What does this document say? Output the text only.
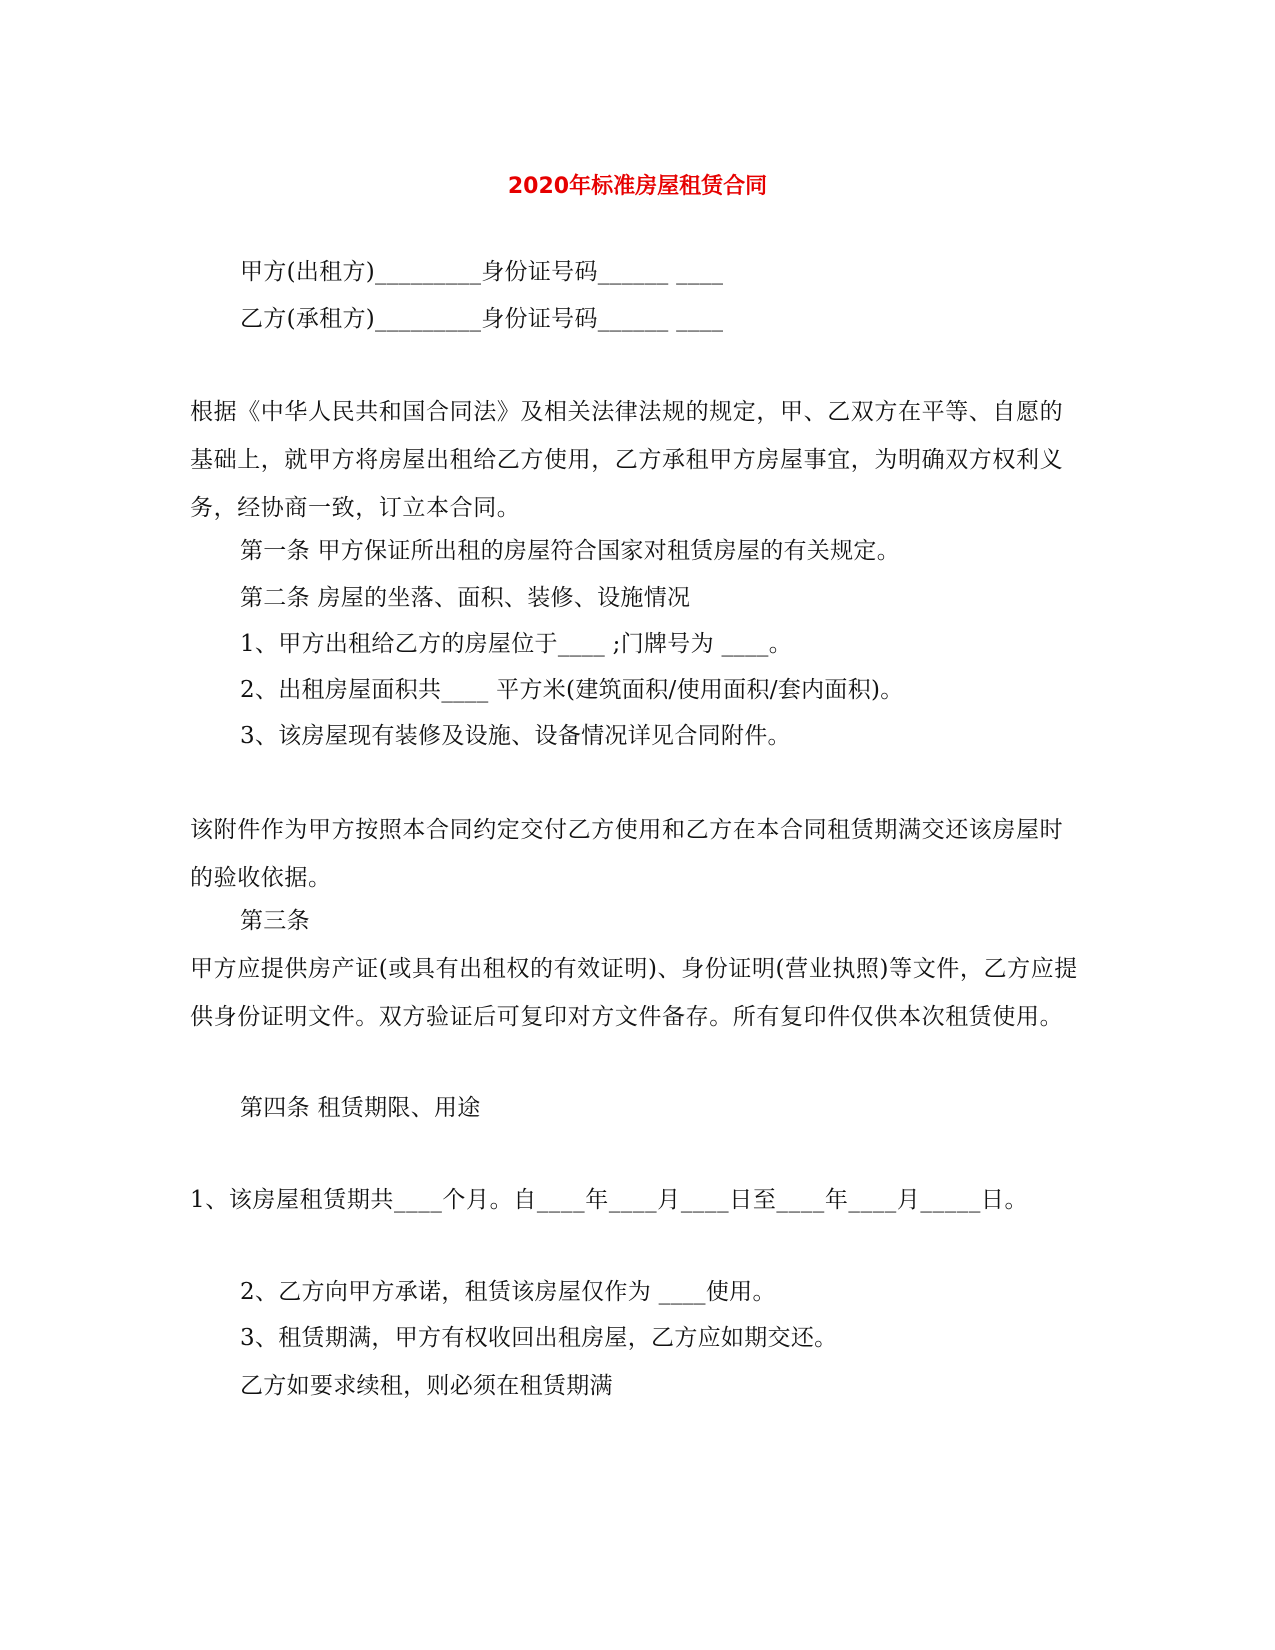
2020年标准房屋租赁合同
甲方(出租方)_________身份证号码______ ____
乙方(承租方)_________身份证号码______ ____
根据《中华人民共和国合同法》及相关法律法规的规定，甲、乙双方在平等、自愿的基础上，就甲方将房屋出租给乙方使用，乙方承租甲方房屋事宜，为明确双方权利义务，经协商一致，订立本合同。
第一条 甲方保证所出租的房屋符合国家对租赁房屋的有关规定。
第二条 房屋的坐落、面积、装修、设施情况
1、甲方出租给乙方的房屋位于____ ;门牌号为 ____。
2、出租房屋面积共____ 平方米(建筑面积/使用面积/套内面积)。
3、该房屋现有装修及设施、设备情况详见合同附件。
该附件作为甲方按照本合同约定交付乙方使用和乙方在本合同租赁期满交还该房屋时的验收依据。
第三条
甲方应提供房产证(或具有出租权的有效证明)、身份证明(营业执照)等文件，乙方应提供身份证明文件。双方验证后可复印对方文件备存。所有复印件仅供本次租赁使用。
第四条 租赁期限、用途
1、该房屋租赁期共____个月。自____年____月____日至____年____月_____日。
2、乙方向甲方承诺，租赁该房屋仅作为 ____使用。
3、租赁期满，甲方有权收回出租房屋，乙方应如期交还。
乙方如要求续租，则必须在租赁期满
